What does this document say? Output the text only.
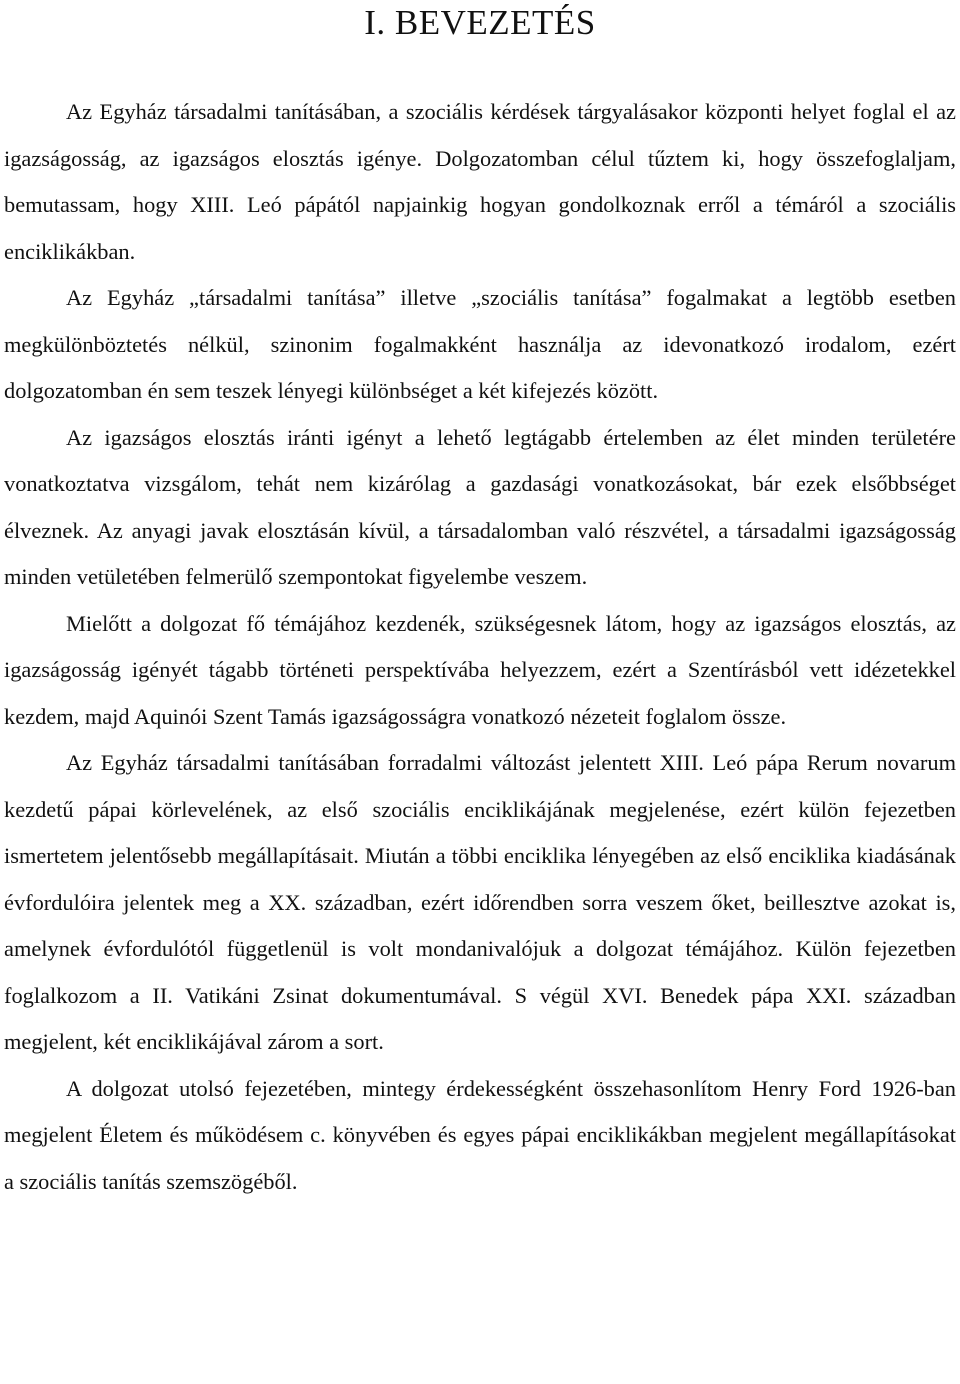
I. BEVEZETÉS

Az Egyház társadalmi tanításában, a szociális kérdések tárgyalásakor központi helyet foglal el az igazságosság, az igazságos elosztás igénye. Dolgozatomban célul tűztem ki, hogy összefoglaljam, bemutassam, hogy XIII. Leó pápától napjainkig hogyan gondolkoznak erről a témáról a szociális enciklikákban.

Az Egyház „társadalmi tanítása” illetve „szociális tanítása” fogalmakat a legtöbb esetben megkülönböztetés nélkül, szinonim fogalmakként használja az idevonatkozó irodalom, ezért dolgozatomban én sem teszek lényegi különbséget a két kifejezés között.

Az igazságos elosztás iránti igényt a lehető legtágabb értelemben az élet minden területére vonatkoztatva vizsgálom, tehát nem kizárólag a gazdasági vonatkozásokat, bár ezek elsőbbséget élveznek. Az anyagi javak elosztásán kívül, a társadalomban való részvétel, a társadalmi igazságosság minden vetületében felmerülő szempontokat figyelembe veszem.

Mielőtt a dolgozat fő témájához kezdenék, szükségesnek látom, hogy az igazságos elosztás, az igazságosság igényét tágabb történeti perspektívába helyezzem, ezért a Szentírásból vett idézetekkel kezdem, majd Aquinói Szent Tamás igazságosságra vonatkozó nézeteit foglalom össze.

Az Egyház társadalmi tanításában forradalmi változást jelentett XIII. Leó pápa Rerum novarum kezdetű pápai körlevelének, az első szociális enciklikájának megjelenése, ezért külön fejezetben ismertetem jelentősebb megállapításait. Miután a többi enciklika lényegében az első enciklika kiadásának évfordulóira jelentek meg a XX. században, ezért időrendben sorra veszem őket, beillesztve azokat is, amelynek évfordulótól függetlenül is volt mondanivalójuk a dolgozat témájához. Külön fejezetben foglalkozom a II. Vatikáni Zsinat dokumentumával. S végül XVI. Benedek pápa XXI. században megjelent, két enciklikájával zárom a sort.

A dolgozat utolsó fejezetében, mintegy érdekességként összehasonlítom Henry Ford 1926-ban megjelent Életem és működésem c. könyvében és egyes pápai enciklikákban megjelent megállapításokat a szociális tanítás szemszögéből.
